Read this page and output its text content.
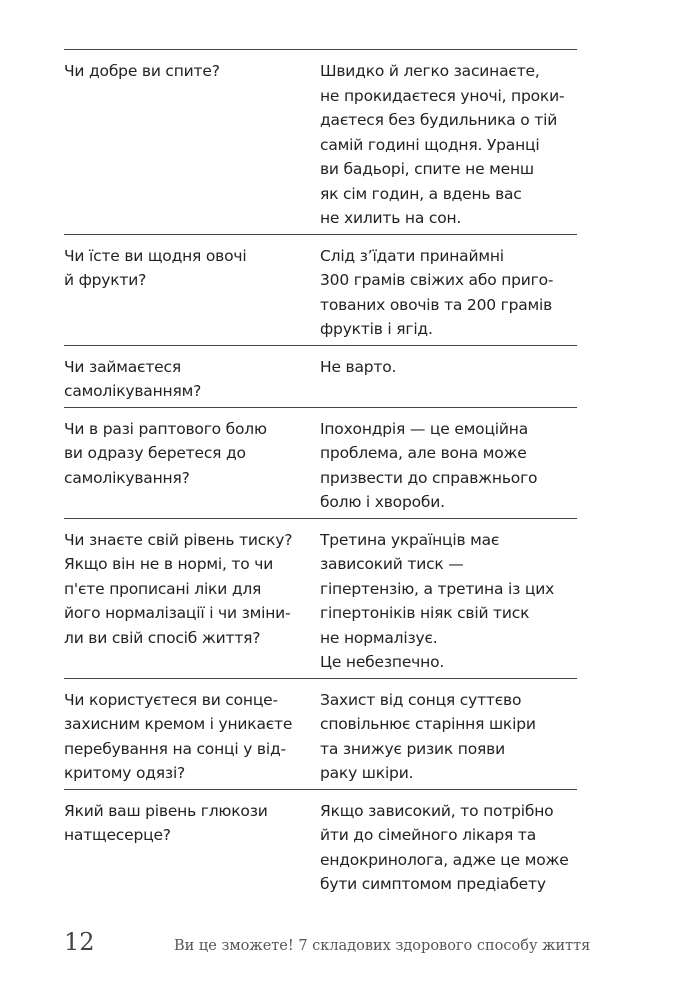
Чи добре ви спите?	Швидко й легко засинаєте,
не прокидаєтеся уночі, проки-
даєтеся без будильника о тій
самій годині щодня. Уранці
ви бадьорі, спите не менш
як сім годин, а вдень вас
не хилить на сон.
Чи їсте ви щодня овочі
й фрукти?
Слід з’їдати принаймні
300 грамів свіжих або приго-
тованих овочів та 200 грамів
фруктів і ягід.
Чи займаєтеся
самолікуванням?
Не варто.
Чи в разі раптового болю
ви одразу беретеся до
самолікування?
Іпохондрія — це емоційна
проблема, але вона може
призвести до справжнього
болю і хвороби.
Чи знаєте свій рівень тиску?
Якщо він не в нормі, то чи
п'єте прописані ліки для
його нормалізації і чи зміни-
ли ви свій спосіб життя?
Третина українців має
зависокий тиск —
гіпертензію, а третина із цих
гіпертоніків ніяк свій тиск
не нормалізує.
Це небезпечно.
Чи користуєтеся ви сонце-
захисним кремом і уникаєте
перебування на сонці у від-
критому одязі?
Захист від сонця суттєво
сповільнює старіння шкіри
та знижує ризик появи
раку шкіри.
Який ваш рівень глюкози
натщесерце?
Якщо зависокий, то потрібно
йти до сімейного лікаря та
ендокринолога, адже це може
бути симптомом предіабету
12	Ви це зможете! 7 складових здорового способу життя
